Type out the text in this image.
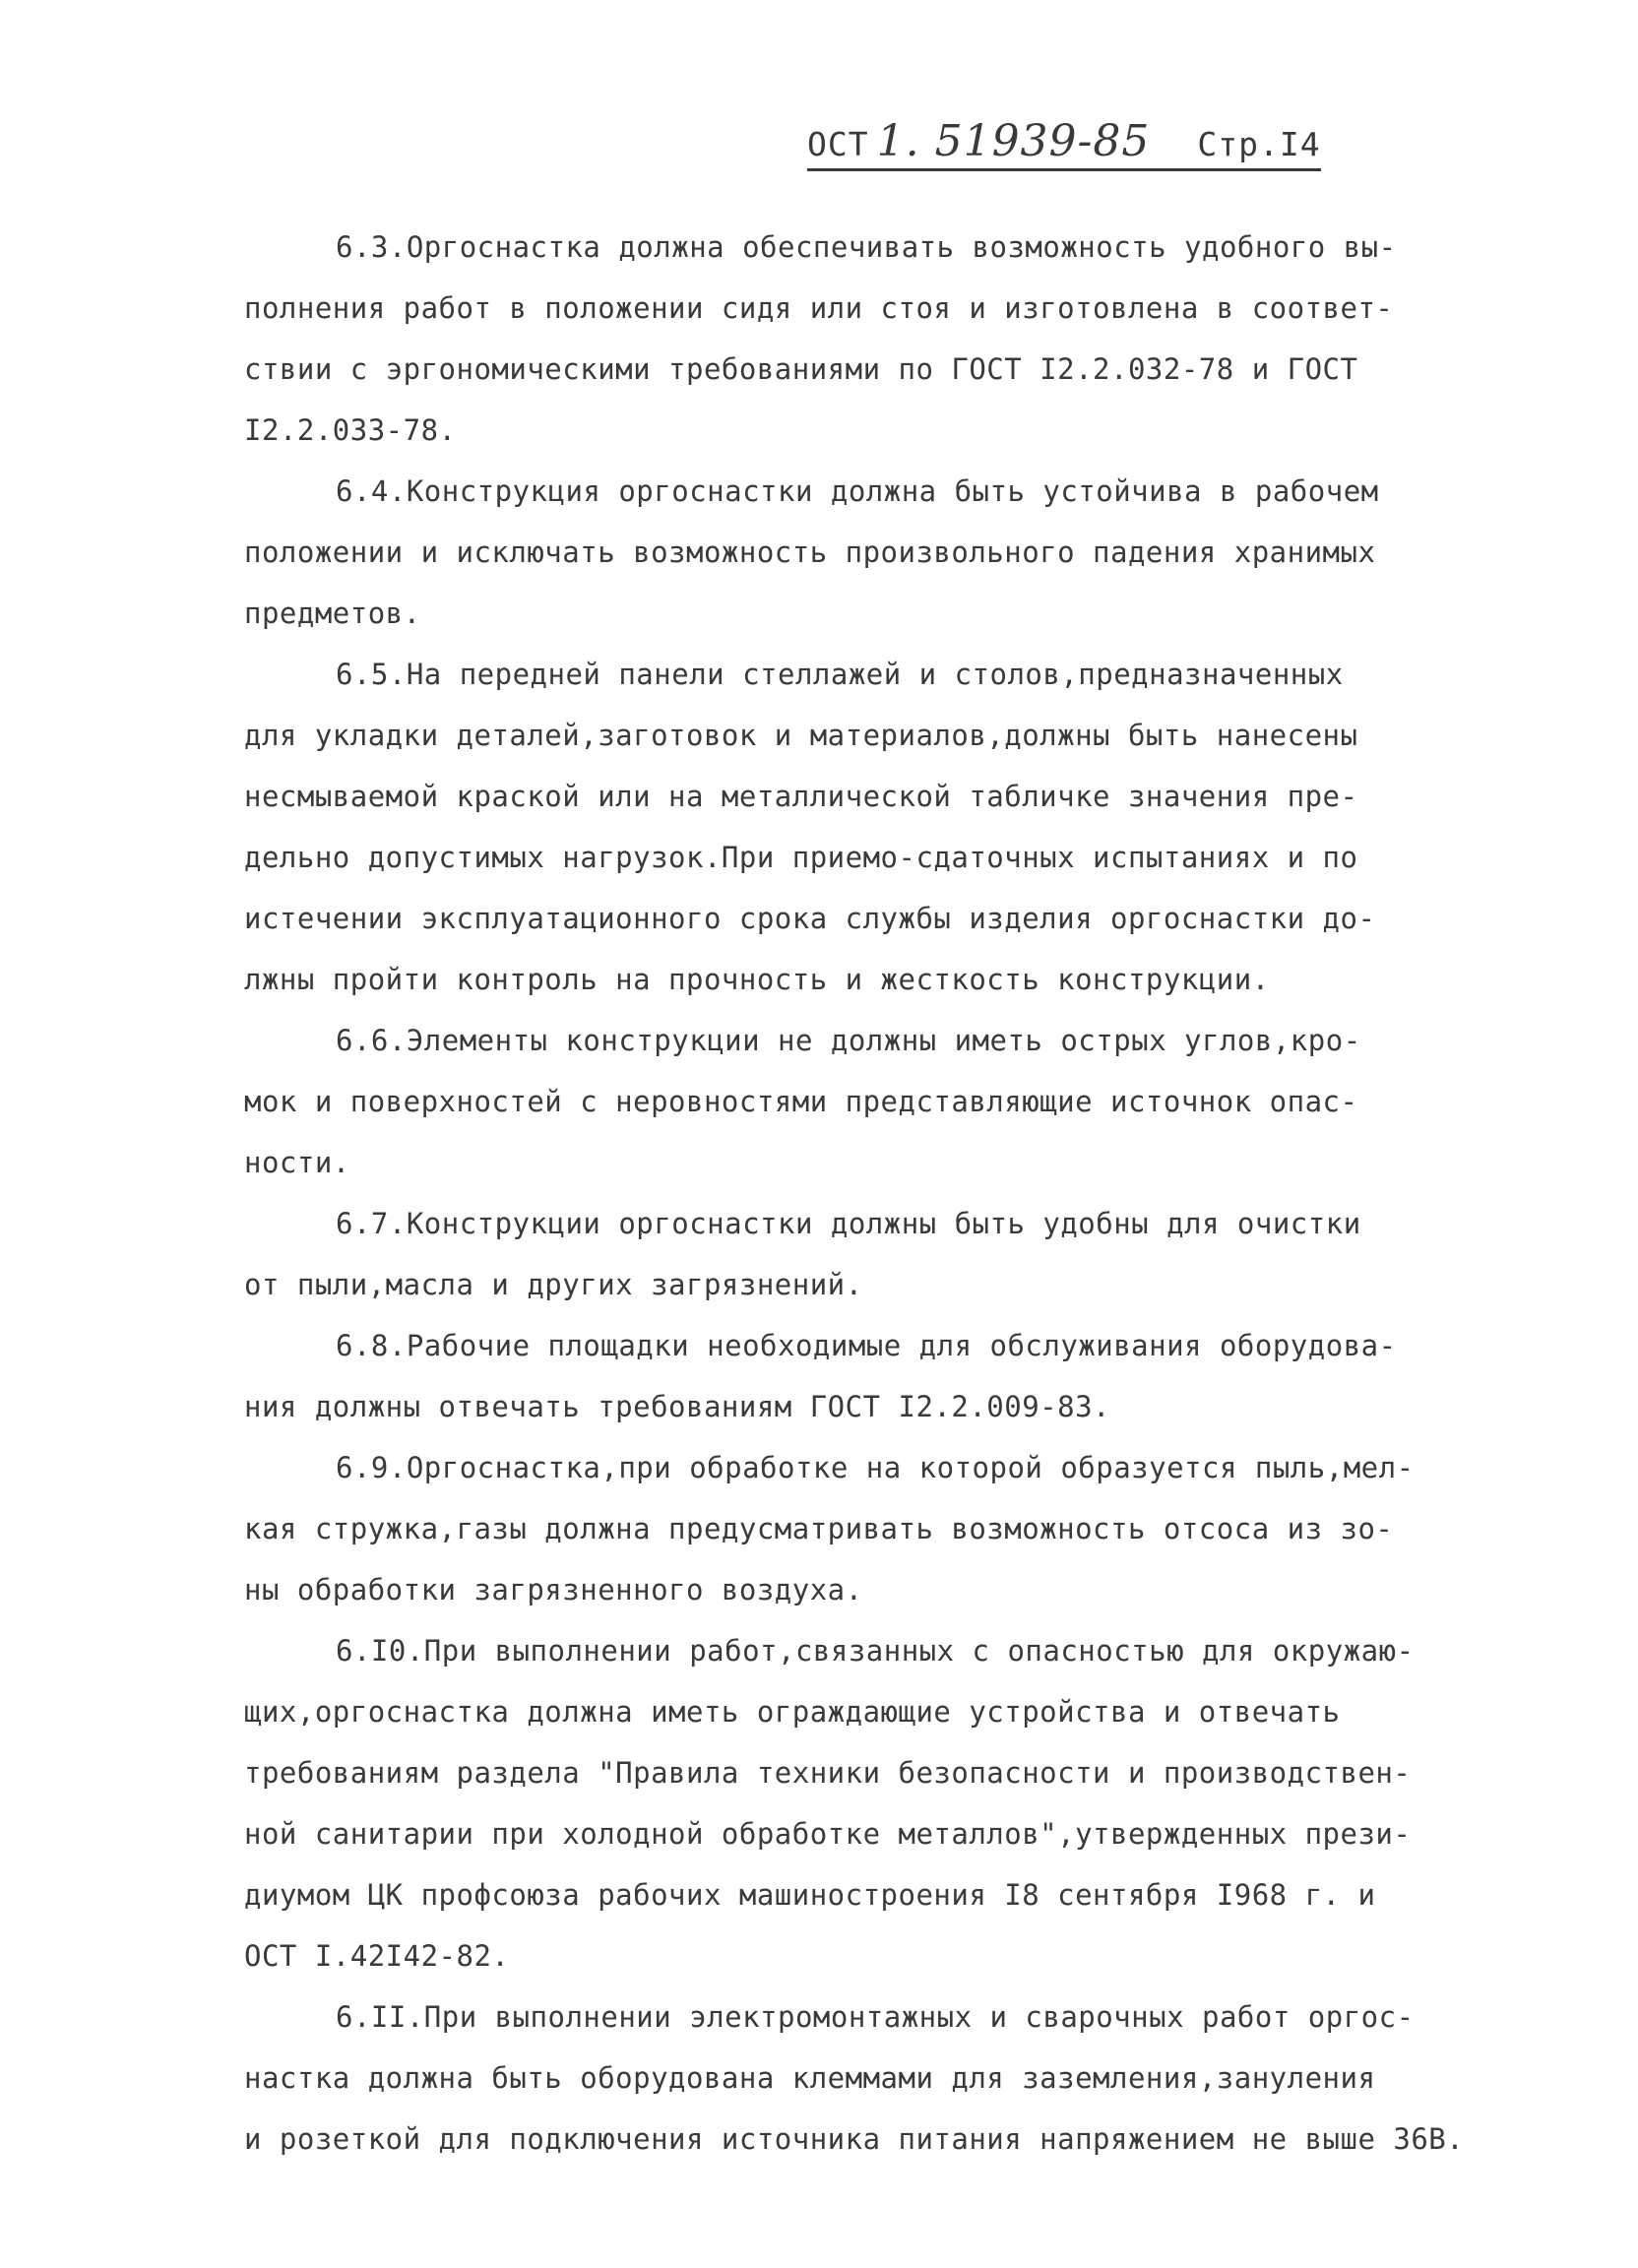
ОСТ 1. 51939-85 Стр.I4
6.3.Оргоснастка должна обеспечивать возможность удобного вы-
полнения работ в положении сидя или стоя и изготовлена в соответ-
ствии с эргономическими требованиями по ГОСТ I2.2.032-78 и ГОСТ
I2.2.033-78.
6.4.Конструкция оргоснастки должна быть устойчива в рабочем
положении и исключать возможность произвольного падения хранимых
предметов.
6.5.На передней панели стеллажей и столов,предназначенных
для укладки деталей,заготовок и материалов,должны быть нанесены
несмываемой краской или на металлической табличке значения пре-
дельно допустимых нагрузок.При приемо-сдаточных испытаниях и по
истечении эксплуатационного срока службы изделия оргоснастки до-
лжны пройти контроль на прочность и жесткость конструкции.
6.6.Элементы конструкции не должны иметь острых углов,кро-
мок и поверхностей с неровностями представляющие источнок опас-
ности.
6.7.Конструкции оргоснастки должны быть удобны для очистки
от пыли,масла и других загрязнений.
6.8.Рабочие площадки необходимые для обслуживания оборудова-
ния должны отвечать требованиям ГОСТ I2.2.009-83.
6.9.Оргоснастка,при обработке на которой образуется пыль,мел-
кая стружка,газы должна предусматривать возможность отсоса из зо-
ны обработки загрязненного воздуха.
6.I0.При выполнении работ,связанных с опасностью для окружаю-
щих,оргоснастка должна иметь ограждающие устройства и отвечать
требованиям раздела "Правила техники безопасности и производствен-
ной санитарии при холодной обработке металлов",утвержденных прези-
диумом ЦК профсоюза рабочих машиностроения I8 сентября I968 г. и
ОСТ I.42I42-82.
6.II.При выполнении электромонтажных и сварочных работ оргос-
настка должна быть оборудована клеммами для заземления,зануления
и розеткой для подключения источника питания напряжением не выше 36В.
